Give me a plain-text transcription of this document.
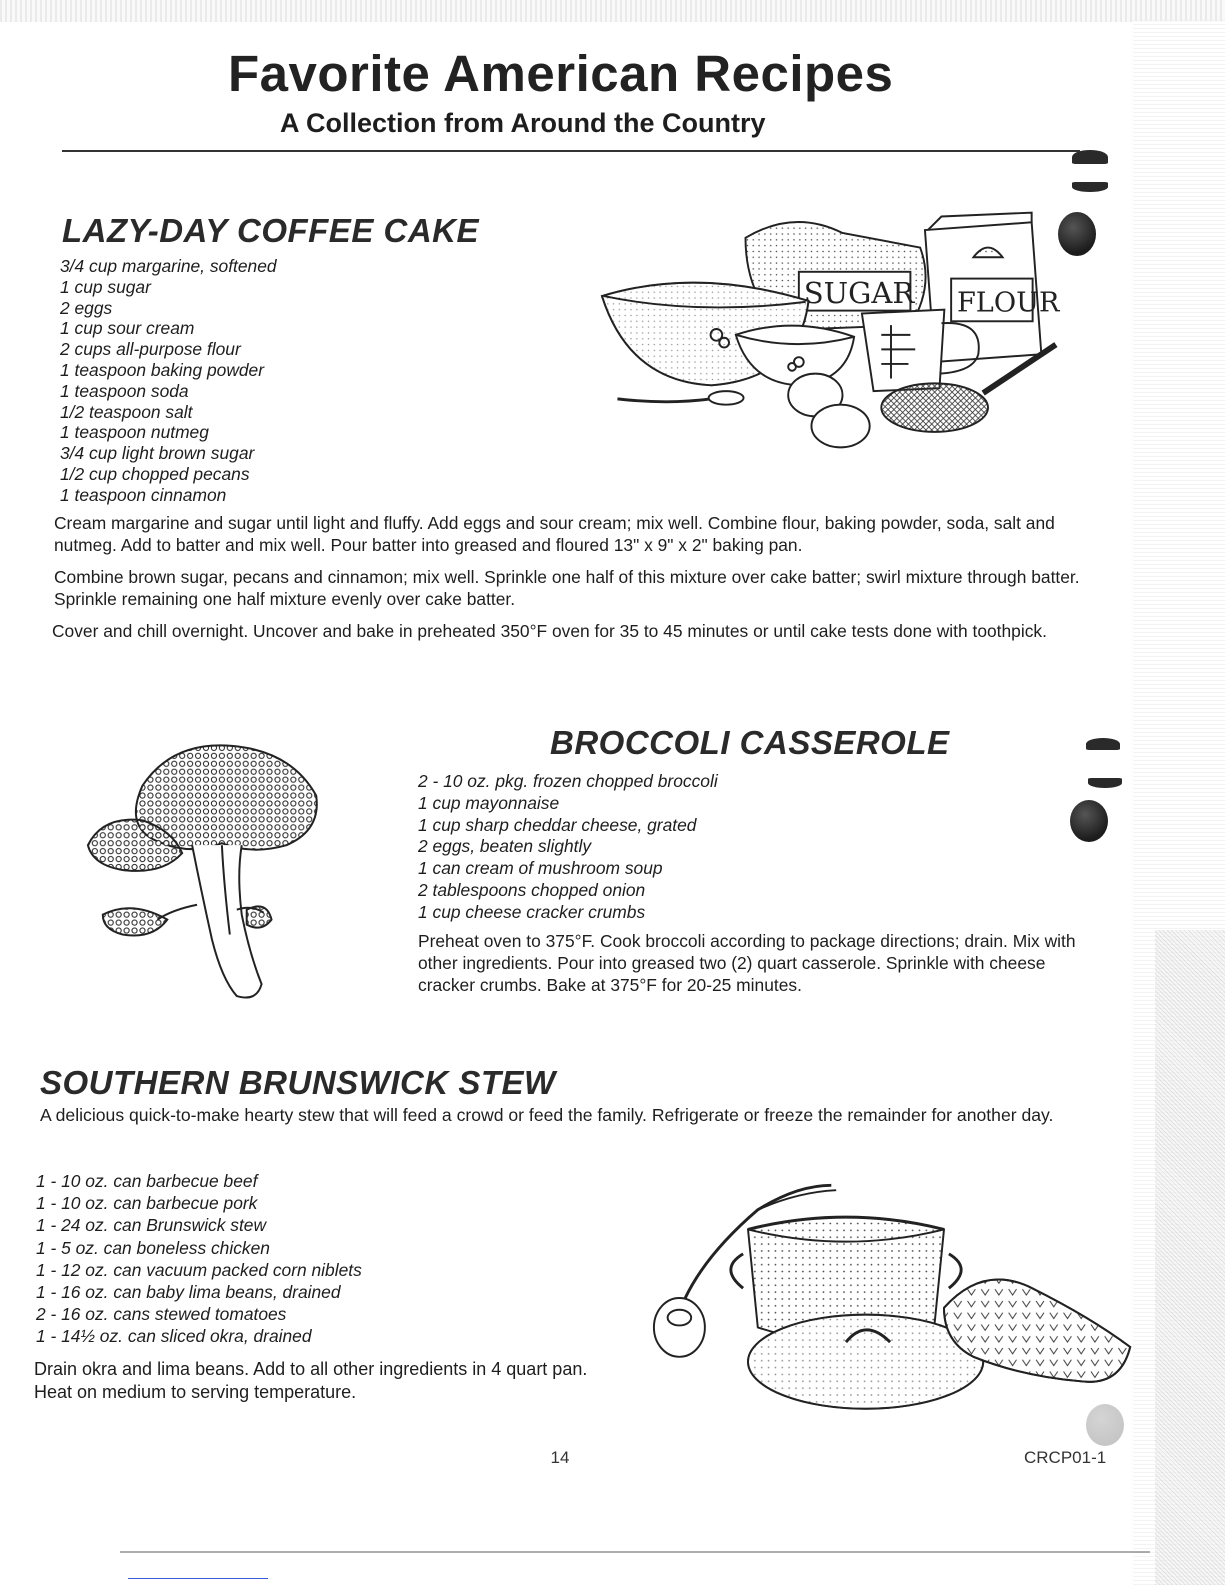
Favorite American Recipes
A Collection from Around the Country
LAZY-DAY COFFEE CAKE
3/4 cup margarine, softened
1 cup sugar
2 eggs
1 cup sour cream
2 cups all-purpose flour
1 teaspoon baking powder
1 teaspoon soda
1/2 teaspoon salt
1 teaspoon nutmeg
3/4 cup light brown sugar
1/2 cup chopped pecans
1 teaspoon cinnamon
FLOUR
SUGAR

Cream margarine and sugar until light and fluffy. Add eggs and sour cream; mix well. Combine flour, baking powder, soda, salt and nutmeg. Add to batter and mix well. Pour batter into greased and floured 13" x 9" x 2" baking pan.

Combine brown sugar, pecans and cinnamon; mix well. Sprinkle one half of this mixture over cake batter; swirl mixture through batter. Sprinkle remaining one half mixture evenly over cake batter.

Cover and chill overnight. Uncover and bake in preheated 350°F oven for 35 to 45 minutes or until cake tests done with toothpick.

BROCCOLI CASSEROLE
2 - 10 oz. pkg. frozen chopped broccoli
1 cup mayonnaise
1 cup sharp cheddar cheese, grated
2 eggs, beaten slightly
1 can cream of mushroom soup
2 tablespoons chopped onion
1 cup cheese cracker crumbs

Preheat oven to 375°F. Cook broccoli according to package directions; drain. Mix with other ingredients. Pour into greased two (2) quart casserole. Sprinkle with cheese cracker crumbs. Bake at 375°F for 20-25 minutes.

SOUTHERN BRUNSWICK STEW

A delicious quick-to-make hearty stew that will feed a crowd or feed the family. Refrigerate or freeze the remainder for another day.

1 - 10 oz. can barbecue beef
1 - 10 oz. can barbecue pork
1 - 24 oz. can Brunswick stew
1 - 5 oz. can boneless chicken
1 - 12 oz. can vacuum packed corn niblets
1 - 16 oz. can baby lima beans, drained
2 - 16 oz. cans stewed tomatoes
1 - 14½ oz. can sliced okra, drained

Drain okra and lima beans. Add to all other ingredients in 4 quart pan. Heat on medium to serving temperature.

14	CRCP01-1
